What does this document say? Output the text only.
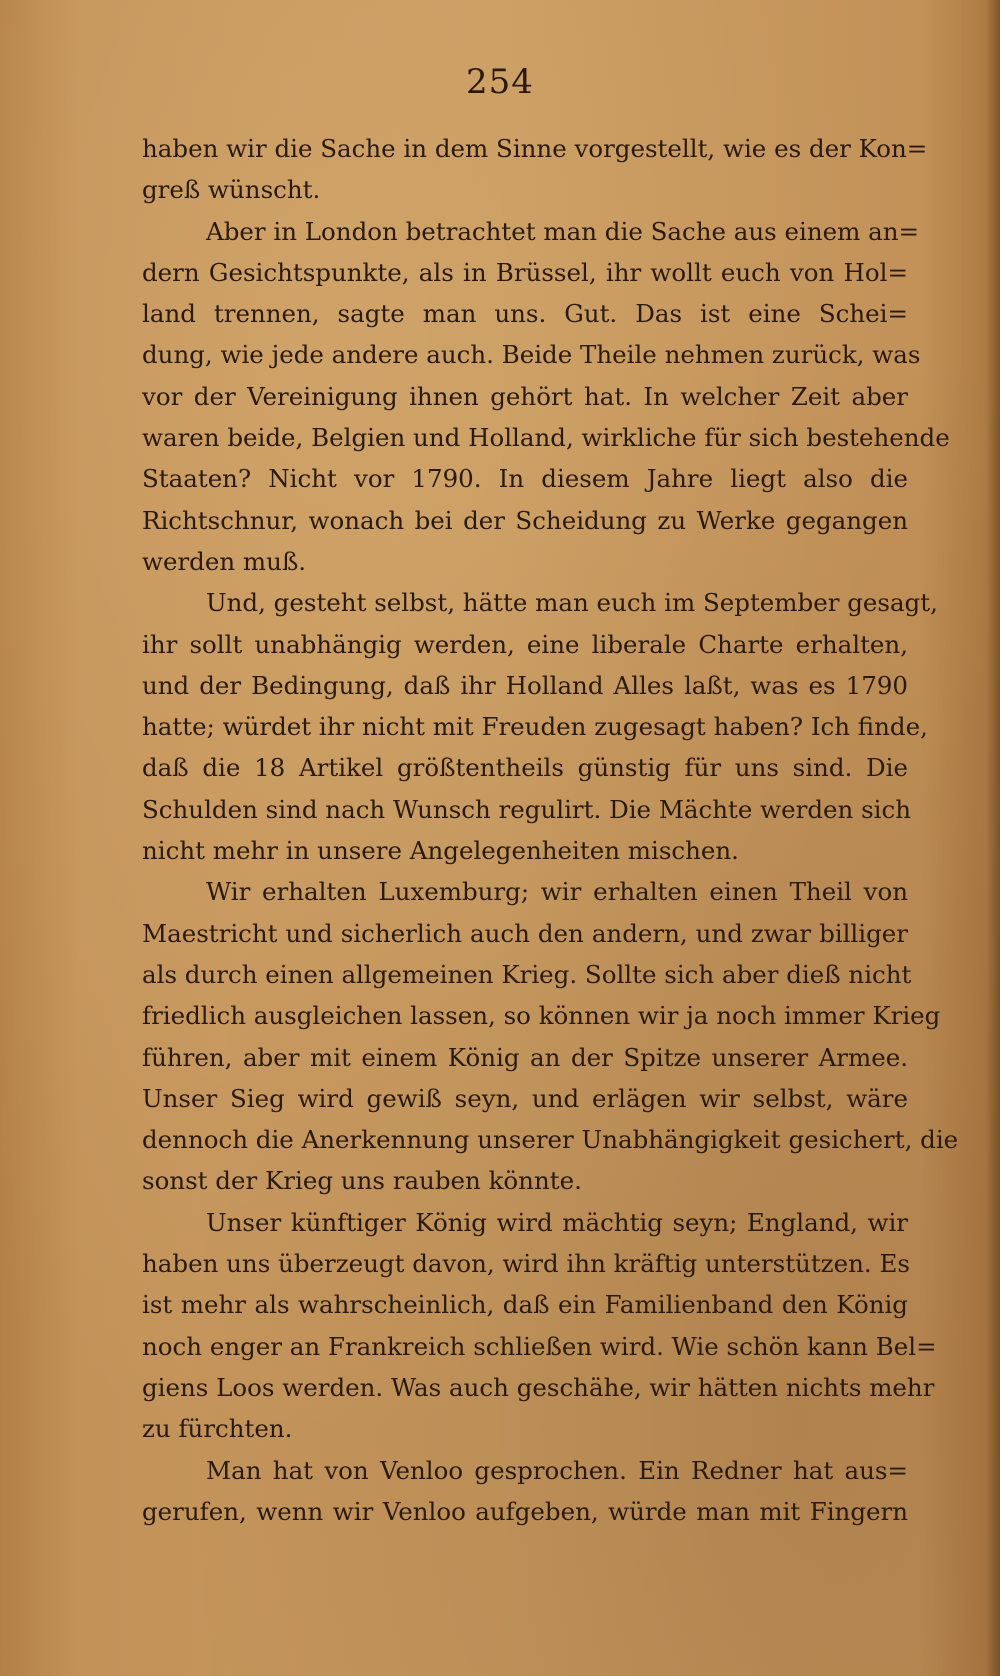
254
haben wir die Sache in dem Sinne vorgestellt, wie es der Kon=
greß wünscht.
Aber in London betrachtet man die Sache aus einem an=
dern Gesichtspunkte, als in Brüssel, ihr wollt euch von Hol=
land trennen, sagte man uns. Gut. Das ist eine Schei=
dung, wie jede andere auch. Beide Theile nehmen zurück, was
vor der Vereinigung ihnen gehört hat. In welcher Zeit aber
waren beide, Belgien und Holland, wirkliche für sich bestehende
Staaten? Nicht vor 1790. In diesem Jahre liegt also die
Richtschnur, wonach bei der Scheidung zu Werke gegangen
werden muß.
Und, gesteht selbst, hätte man euch im September gesagt,
ihr sollt unabhängig werden, eine liberale Charte erhalten,
und der Bedingung, daß ihr Holland Alles laßt, was es 1790
hatte; würdet ihr nicht mit Freuden zugesagt haben? Ich finde,
daß die 18 Artikel größtentheils günstig für uns sind. Die
Schulden sind nach Wunsch regulirt. Die Mächte werden sich
nicht mehr in unsere Angelegenheiten mischen.
Wir erhalten Luxemburg; wir erhalten einen Theil von
Maestricht und sicherlich auch den andern, und zwar billiger
als durch einen allgemeinen Krieg. Sollte sich aber dieß nicht
friedlich ausgleichen lassen, so können wir ja noch immer Krieg
führen, aber mit einem König an der Spitze unserer Armee.
Unser Sieg wird gewiß seyn, und erlägen wir selbst, wäre
dennoch die Anerkennung unserer Unabhängigkeit gesichert, die
sonst der Krieg uns rauben könnte.
Unser künftiger König wird mächtig seyn; England, wir
haben uns überzeugt davon, wird ihn kräftig unterstützen. Es
ist mehr als wahrscheinlich, daß ein Familienband den König
noch enger an Frankreich schließen wird. Wie schön kann Bel=
giens Loos werden. Was auch geschähe, wir hätten nichts mehr
zu fürchten.
Man hat von Venloo gesprochen. Ein Redner hat aus=
gerufen, wenn wir Venloo aufgeben, würde man mit Fingern
